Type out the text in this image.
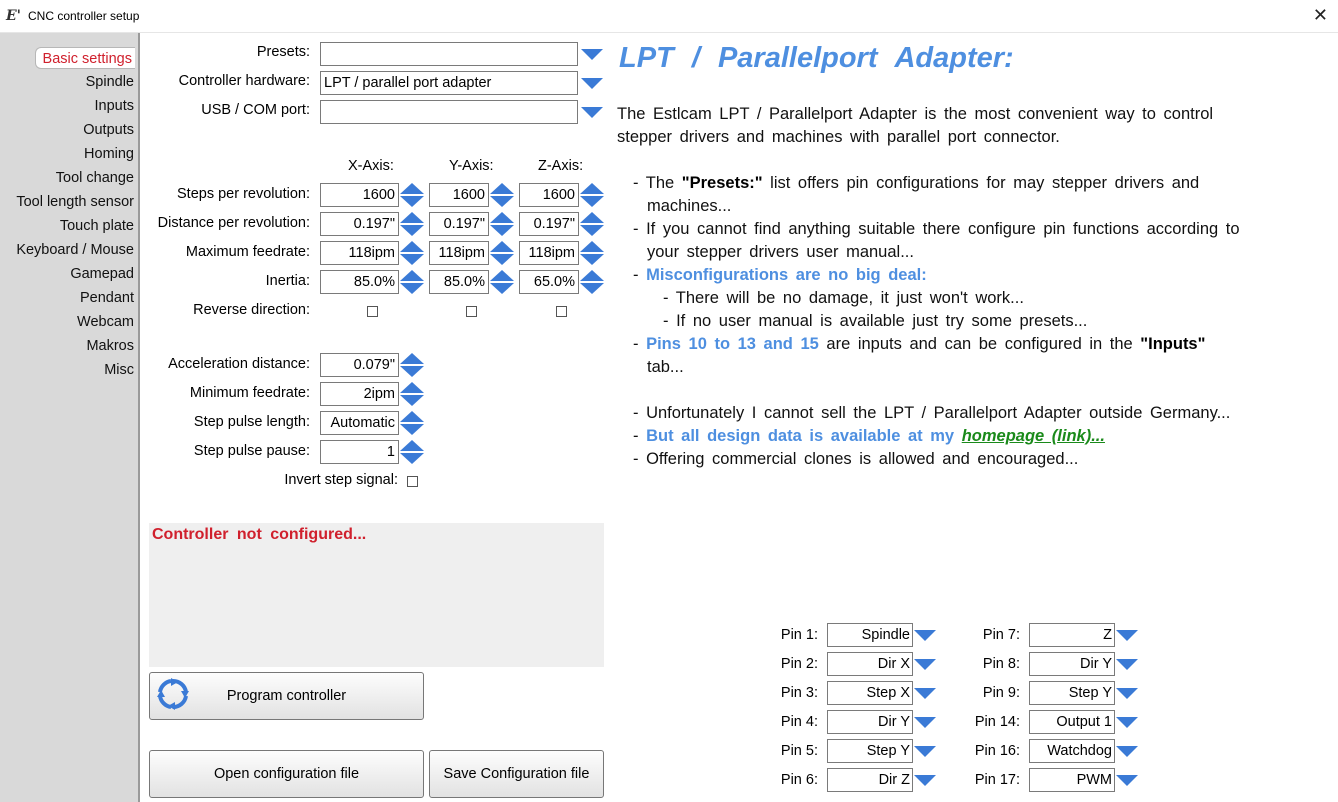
E' CNC controller setup	✕
Basic settings
Spindle
Inputs
Outputs
Homing
Tool change
Tool length sensor
Touch plate
Keyboard / Mouse
Gamepad
Pendant
Webcam
Makros
Misc
Presets:
Controller hardware: LPT / parallel port adapter
USB / COM port:
X-Axis:	Y-Axis:	Z-Axis:
Steps per revolution:	1600	1600	1600
Distance per revolution:	0.197"	0.197"	0.197"
Maximum feedrate:	118ipm	118ipm	118ipm
Inertia:	85.0%	85.0%	65.0%
Reverse direction:
Acceleration distance:	0.079"
Minimum feedrate:	2ipm
Step pulse length:	Automatic
Step pulse pause:	1
Invert step signal:
Controller not configured...
Program controller
Open configuration file	Save Configuration file
LPT / Parallelport Adapter:
The Estlcam LPT / Parallelport Adapter is the most convenient way to control
stepper drivers and machines with parallel port connector.
- The "Presets:" list offers pin configurations for may stepper drivers and
machines...
- If you cannot find anything suitable there configure pin functions according to
your stepper drivers user manual...
- Misconfigurations are no big deal:
- There will be no damage, it just won't work...
- If no user manual is available just try some presets...
- Pins 10 to 13 and 15 are inputs and can be configured in the "Inputs"
tab...
- Unfortunately I cannot sell the LPT / Parallelport Adapter outside Germany...
- But all design data is available at my homepage (link)...
- Offering commercial clones is allowed and encouraged...
Pin 1:	Spindle
Pin 2:	Dir X
Pin 3:	Step X
Pin 4:	Dir Y
Pin 5:	Step Y
Pin 6:	Dir Z
Pin 7:	Z
Pin 8:	Dir Y
Pin 9:	Step Y
Pin 14:	Output 1
Pin 16:	Watchdog
Pin 17:	PWM
